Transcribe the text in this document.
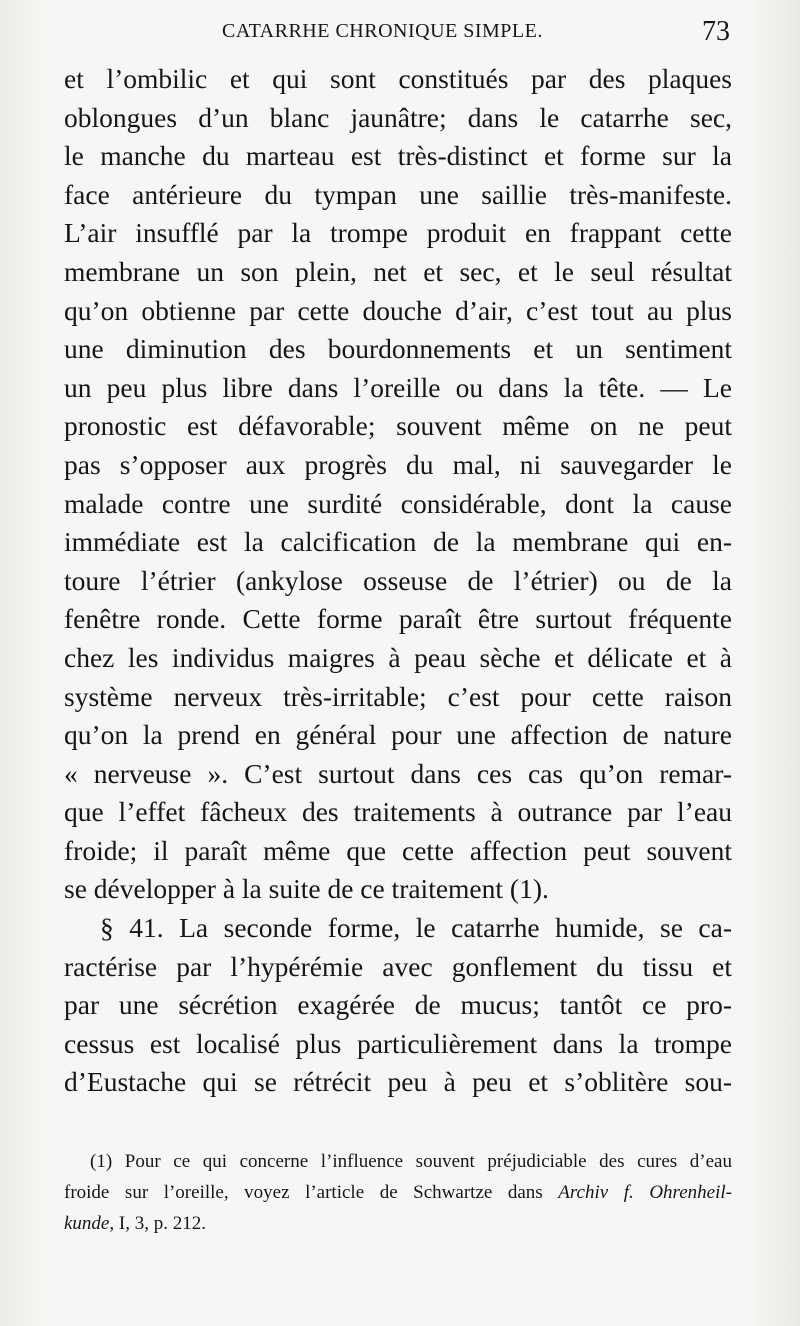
CATARRHE CHRONIQUE SIMPLE.	73
et l’ombilic et qui sont constitués par des plaques
oblongues d’un blanc jaunâtre; dans le catarrhe sec,
le manche du marteau est très-distinct et forme sur la
face antérieure du tympan une saillie très-manifeste.
L’air insufflé par la trompe produit en frappant cette
membrane un son plein, net et sec, et le seul résultat
qu’on obtienne par cette douche d’air, c’est tout au plus
une diminution des bourdonnements et un sentiment
un peu plus libre dans l’oreille ou dans la tête. — Le
pronostic est défavorable; souvent même on ne peut
pas s’opposer aux progrès du mal, ni sauvegarder le
malade contre une surdité considérable, dont la cause
immédiate est la calcification de la membrane qui en-
toure l’étrier (ankylose osseuse de l’étrier) ou de la
fenêtre ronde. Cette forme paraît être surtout fréquente
chez les individus maigres à peau sèche et délicate et à
système nerveux très-irritable; c’est pour cette raison
qu’on la prend en général pour une affection de nature
« nerveuse ». C’est surtout dans ces cas qu’on remar-
que l’effet fâcheux des traitements à outrance par l’eau
froide; il paraît même que cette affection peut souvent
se développer à la suite de ce traitement (1).
§ 41. La seconde forme, le catarrhe humide, se ca-
ractérise par l’hypérémie avec gonflement du tissu et
par une sécrétion exagérée de mucus; tantôt ce pro-
cessus est localisé plus particulièrement dans la trompe
d’Eustache qui se rétrécit peu à peu et s’oblitère sou-
(1) Pour ce qui concerne l’influence souvent préjudiciable des cures d’eau
froide sur l’oreille, voyez l’article de Schwartze dans Archiv f. Ohrenheil-
kunde, I, 3, p. 212.
